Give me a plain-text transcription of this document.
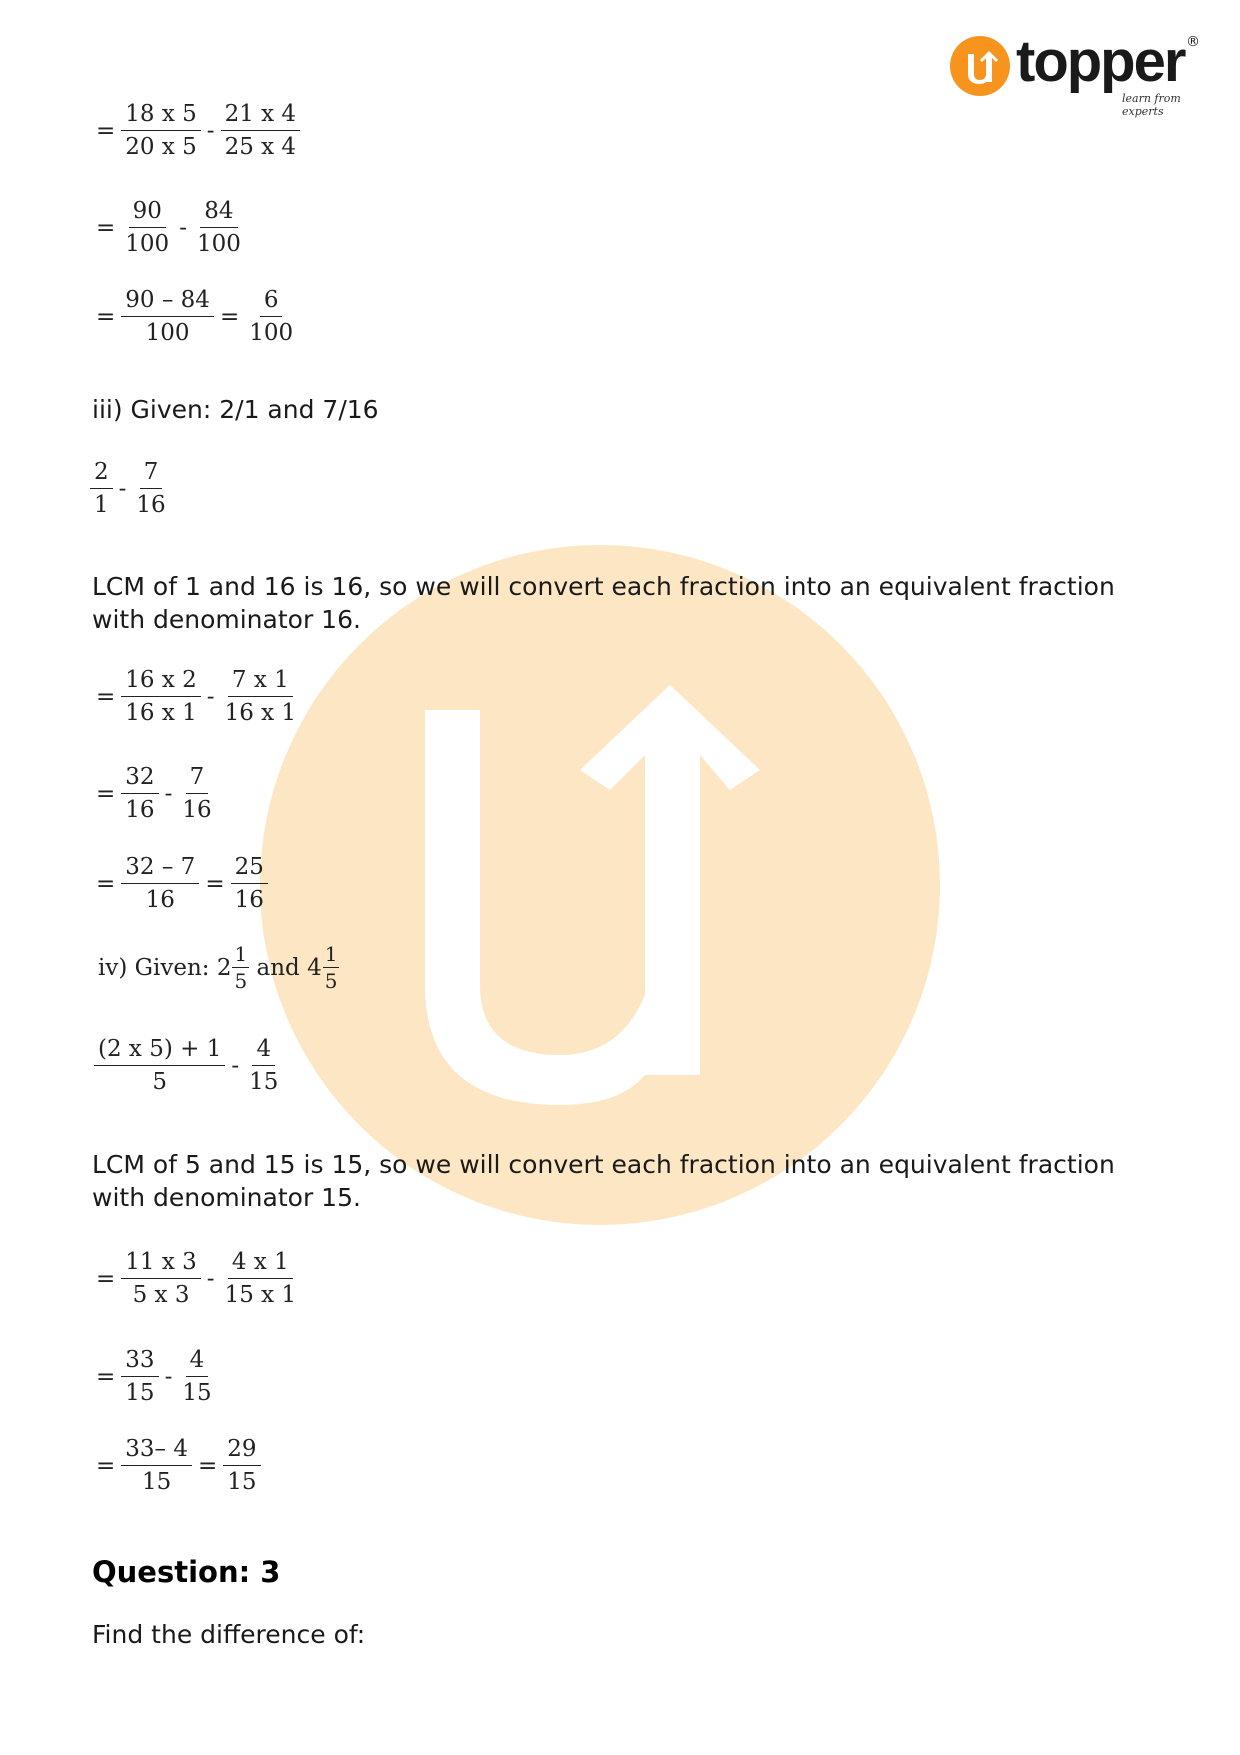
topper
learn from experts
®
= $\frac{18 x 5}{20 x 5} - \frac{21 x 4}{25 x 4}$
= $\frac{90}{100} - \frac{84}{100}$
= $\frac{90 - 84}{100} = \frac{6}{100}$
iii) Given: 2/1 and 7/16
$\frac{2}{1} - \frac{7}{16}$
LCM of 1 and 16 is 16, so we will convert each fraction into an equivalent fraction
with denominator 16.
= $\frac{16 x 2}{16 x 1} - \frac{7 x 1}{16 x 1}$
= $\frac{32}{16} - \frac{7}{16}$
= $\frac{32 - 7}{16} = \frac{25}{16}$
iv) Given: $2 \frac{1}{5}$ and $4 \frac{1}{5}$
$\frac{(2 x 5) + 1}{5} - \frac{4}{15}$
LCM of 5 and 15 is 15, so we will convert each fraction into an equivalent fraction
with denominator 15.
= $\frac{11 x 3}{5 x 3} - \frac{4 x 1}{15 x 1}$
= $\frac{33}{15} - \frac{4}{15}$
= $\frac{33- 4}{15} = \frac{29}{15}$
Question: 3
Find the difference of:
